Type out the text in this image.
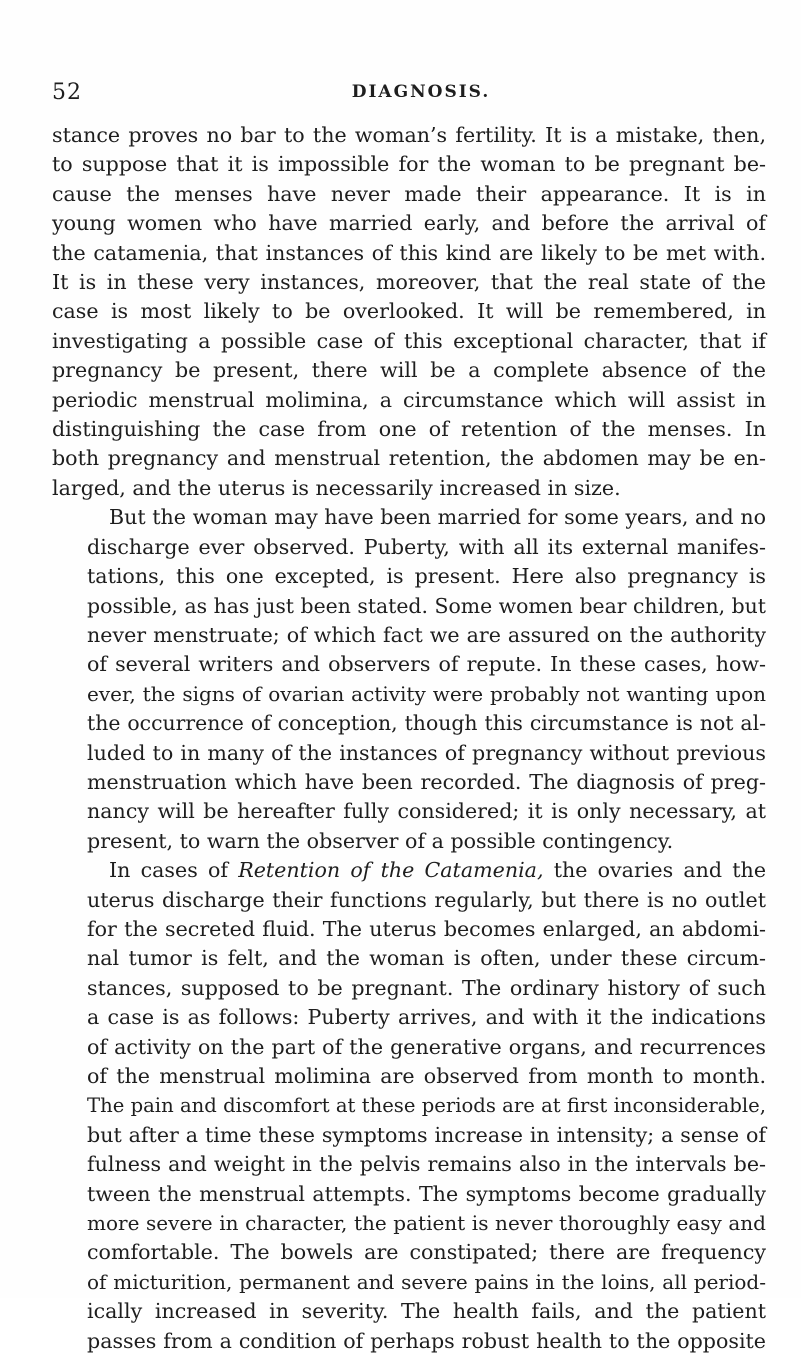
52	DIAGNOSIS.

stance proves no bar to the woman’s fertility. It is a mistake, then,
to suppose that it is impossible for the woman to be pregnant be-
cause the menses have never made their appearance. It is in
young women who have married early, and before the arrival of
the catamenia, that instances of this kind are likely to be met with.
It is in these very instances, moreover, that the real state of the
case is most likely to be overlooked. It will be remembered, in
investigating a possible case of this exceptional character, that if
pregnancy be present, there will be a complete absence of the
periodic menstrual molimina, a circumstance which will assist in
distinguishing the case from one of retention of the menses. In
both pregnancy and menstrual retention, the abdomen may be en-
larged, and the uterus is necessarily increased in size.

But the woman may have been married for some years, and no
discharge ever observed. Puberty, with all its external manifes-
tations, this one excepted, is present. Here also pregnancy is
possible, as has just been stated. Some women bear children, but
never menstruate; of which fact we are assured on the authority
of several writers and observers of repute. In these cases, how-
ever, the signs of ovarian activity were probably not wanting upon
the occurrence of conception, though this circumstance is not al-
luded to in many of the instances of pregnancy without previous
menstruation which have been recorded. The diagnosis of preg-
nancy will be hereafter fully considered; it is only necessary, at
present, to warn the observer of a possible contingency.

In cases of Retention of the Catamenia, the ovaries and the
uterus discharge their functions regularly, but there is no outlet
for the secreted fluid. The uterus becomes enlarged, an abdomi-
nal tumor is felt, and the woman is often, under these circum-
stances, supposed to be pregnant. The ordinary history of such
a case is as follows: Puberty arrives, and with it the indications
of activity on the part of the generative organs, and recurrences
of the menstrual molimina are observed from month to month.
The pain and discomfort at these periods are at first inconsiderable,
but after a time these symptoms increase in intensity; a sense of
fulness and weight in the pelvis remains also in the intervals be-
tween the menstrual attempts. The symptoms become gradually
more severe in character, the patient is never thoroughly easy and
comfortable. The bowels are constipated; there are frequency
of micturition, permanent and severe pains in the loins, all period-
ically increased in severity. The health fails, and the patient
passes from a condition of perhaps robust health to the opposite
